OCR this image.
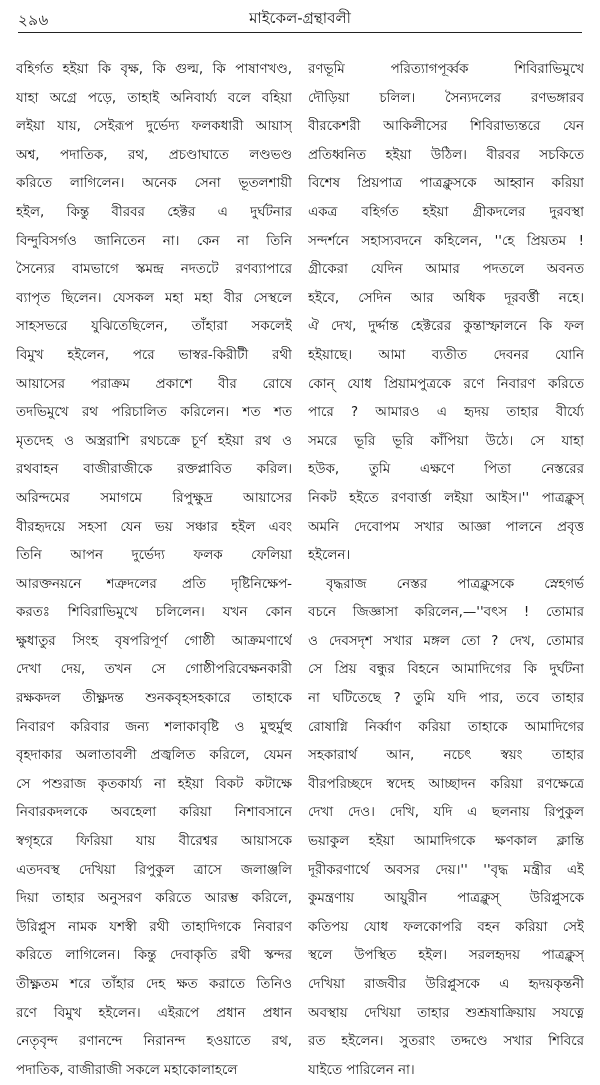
২৯৬	মাইকেল-গ্রন্থাবলী

বহির্গত হইয়া কি বৃক্ষ, কি গুল্ম, কি পাষাণখণ্ড,
যাহা অগ্রে পড়ে, তাহাই অনিবার্য্য বলে বহিয়া
লইয়া যায়, সেইরূপ দুর্ভেদ্য ফলকধারী আয়াস্
অশ্ব, পদাতিক, রথ, প্রচণ্ডাঘাতে লণ্ডভণ্ড
করিতে লাগিলেন। অনেক সেনা ভূতলশায়ী
হইল, কিন্তু বীরবর হেক্টর এ দুর্ঘটনার
বিন্দুবিসর্গও জানিতেন না। কেন না তিনি
সৈন্যের বামভাগে স্কমন্দ্র নদতটে রণব্যাপারে
ব্যাপৃত ছিলেন। যেসকল মহা মহা বীর সেস্থলে
সাহসভরে যুঝিতেছিলেন, তাঁহারা সকলেই
বিমুখ হইলেন, পরে ভাস্বর-কিরীটী রথী
আয়াসের পরাক্রম প্রকাশে বীর রোষে
তদভিমুখে রথ পরিচালিত করিলেন। শত শত
মৃতদেহ ও অস্ত্ররাশি রথচক্রে চূর্ণ হইয়া রথ ও
রথবাহন বাজীরাজীকে রক্তপ্লাবিত করিল।
অরিন্দমের সমাগমে রিপুক্ষুদ্র আয়াসের
বীরহৃদয়ে সহসা যেন ভয় সঞ্চার হইল এবং
তিনি আপন দুর্ভেদ্য ফলক ফেলিয়া
আরক্তনয়নে শত্রুদলের প্রতি দৃষ্টিনিক্ষেপ-
করতঃ শিবিরাভিমুখে চলিলেন। যখন কোন
ক্ষুধাতুর সিংহ বৃষপরিপূর্ণ গোষ্ঠী আক্রমণার্থে
দেখা দেয়, তখন সে গোষ্ঠীপরিবেক্ষনকারী
রক্ষকদল তীক্ষ্ণদন্ত শুনকবৃহসহকারে তাহাকে
নিবারণ করিবার জন্য শলাকাবৃষ্টি ও মুহুর্মুহু
বৃহদাকার অলাতাবলী প্রজ্বলিত করিলে, যেমন
সে পশুরাজ কৃতকার্য্য না হইয়া বিকট কটাক্ষে
নিবারকদলকে অবহেলা করিয়া নিশাবসানে
স্বগৃহরে ফিরিয়া যায় বীরেশ্বর আয়াসকে
এতদবস্থ দেখিয়া রিপুকুল ত্রাসে জলাঞ্জলি
দিয়া তাহার অনুসরণ করিতে আরম্ভ করিলে,
উরিপ্লুস নামক যশস্বী রথী তাহাদিগকে নিবারণ
করিতে লাগিলেন। কিন্তু দেবাকৃতি রথী স্কন্দর
তীক্ষ্ণতম শরে তাঁহার দেহ ক্ষত করাতে তিনিও
রণে বিমুখ হইলেন। এইরূপে প্রধান প্রধান
নেতৃবৃন্দ রণানন্দে নিরানন্দ হওয়াতে রথ,
পদাতিক, বাজীরাজী সকলে মহাকোলাহলে

রণভূমি পরিত্যাগপূর্ব্বক শিবিরাভিমুখে
দৌড়িয়া চলিল। সৈন্যদলের রণভঙ্গারব
বীরকেশরী আকিলীসের শিবিরাভ্যন্তরে যেন
প্রতিধ্বনিত হইয়া উঠিল। বীরবর সচকিতে
বিশেষ প্রিয়পাত্র পাত্রক্লুসকে আহ্বান করিয়া
একত্র বহির্গত হইয়া গ্রীকদলের দুরবস্থা
সন্দর্শনে সহাস্যবদনে কহিলেন, ''হে প্রিয়তম !
গ্রীকেরা যেদিন আমার পদতলে অবনত
হইবে, সেদিন আর অধিক দূরবর্ত্তী নহে।
ঐ দেখ, দুর্দ্দান্ত হেক্টরের কুন্তাস্ফালনে কি ফল
হইয়াছে। আমা ব্যতীত দেবনর যোনি
কোন্ যোধ প্রিয়ামপুত্রকে রণে নিবারণ করিতে
পারে ? আমারও এ হৃদয় তাহার বীর্য্যে
সমরে ভূরি ভূরি কাঁপিয়া উঠে। সে যাহা
হউক, তুমি এক্ষণে পিতা নেস্তরের
নিকট হইতে রণবার্ত্তা লইয়া আইস।'' পাত্রক্লুস্
অমনি দেবোপম সখার আজ্ঞা পালনে প্রবৃত্ত
হইলেন।

বৃদ্ধরাজ নেস্তর পাত্রক্লুসকে স্নেহগর্ভ
বচনে জিজ্ঞাসা করিলেন,—''বৎস ! তোমার
ও দেবসদৃশ সখার মঙ্গল তো ? দেখ, তোমার
সে প্রিয় বন্ধুর বিহনে আমাদিগের কি দুর্ঘটনা
না ঘটিতেছে ? তুমি যদি পার, তবে তাহার
রোষাগ্নি নির্ব্বাণ করিয়া তাহাকে আমাদিগের
সহকারার্থ আন, নচেৎ স্বয়ং তাহার
বীরপরিচ্ছদে স্বদেহ আচ্ছাদন করিয়া রণক্ষেত্রে
দেখা দেও। দেখি, যদি এ ছলনায় রিপুকুল
ভয়াকুল হইয়া আমাদিগকে ক্ষণকাল ক্লান্তি
দূরীকরণার্থে অবসর দেয়।'' ''বৃদ্ধ মন্ত্রীর এই
কুমন্ত্রণায় আয়ুরীন পাত্রক্লুস্ উরিপ্লুসকে
কতিপয় যোধ ফলকোপরি বহন করিয়া সেই
স্থলে উপস্থিত হইল। সরলহৃদয় পাত্রক্লুস্
দেখিয়া রাজবীর উরিপ্লুসকে এ হৃদয়কৃন্তনী
অবস্থায় দেখিয়া তাহার শুশ্রূষাক্রিয়ায় সযত্নে
রত হইলেন। সুতরাং তদ্দণ্ডে সখার শিবিরে
যাইতে পারিলেন না।
